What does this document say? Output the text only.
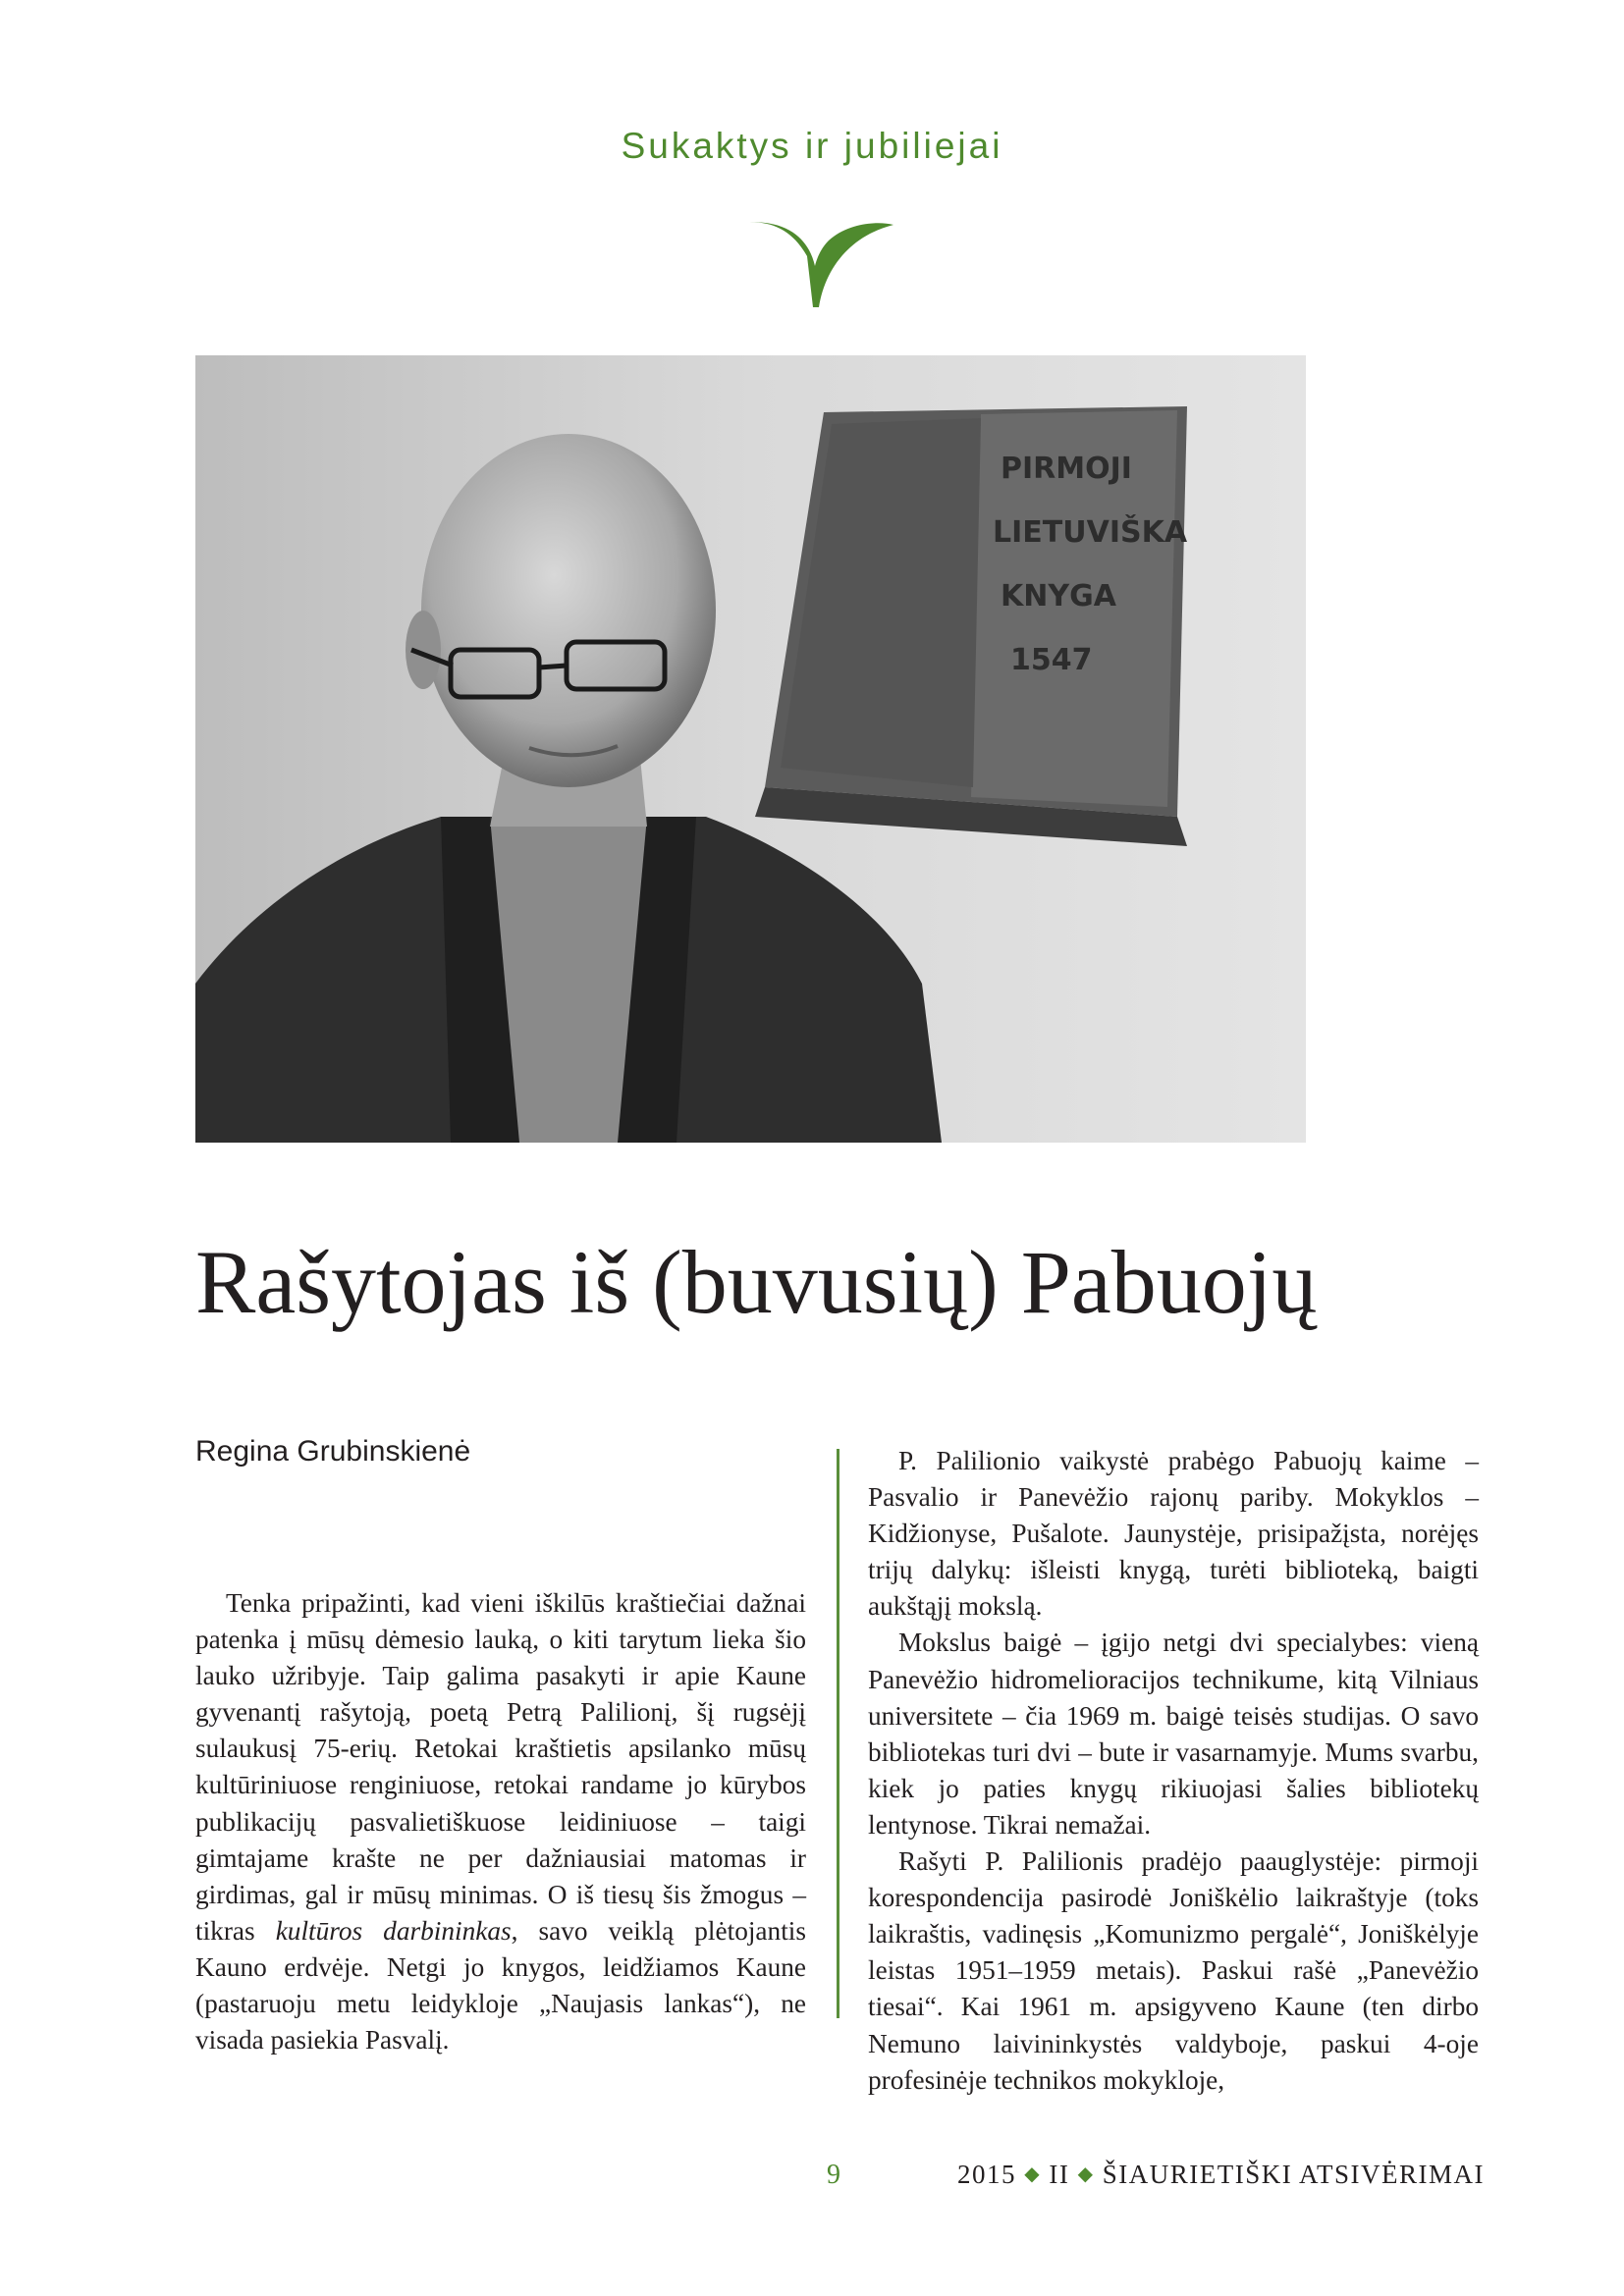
Sukaktys ir jubiliejai
PIRMOJI
LIETUVIŠKA
KNYGA
1547
Rašytojas iš (buvusių) Pabuojų
Regina Grubinskienė

Tenka pripažinti, kad vieni iškilūs kraštiečiai dažnai patenka į mūsų dėmesio lauką, o kiti tarytum lieka šio lauko užribyje. Taip galima pasakyti ir apie Kaune gyvenantį rašytoją, poetą Petrą Palilionį, šį rugsėjį sulaukusį 75-erių. Retokai kraštietis apsilanko mūsų kultūriniuose renginiuose, retokai randame jo kūrybos publikacijų pasvalietiškuose leidiniuose – taigi gimtajame krašte ne per dažniausiai matomas ir girdimas, gal ir mūsų minimas. O iš tiesų šis žmogus – tikras kultūros darbininkas, savo veiklą plėtojantis Kauno erdvėje. Netgi jo knygos, leidžiamos Kaune (pastaruoju metu leidykloje „Naujasis lankas“), ne visada pasiekia Pasvalį.

P. Palilionio vaikystė prabėgo Pabuojų kaime – Pasvalio ir Panevėžio rajonų pariby. Mokyklos – Kidžionyse, Pušalote. Jaunystėje, prisipažįsta, norėjęs trijų dalykų: išleisti knygą, turėti biblioteką, baigti aukštąjį mokslą.

Mokslus baigė – įgijo netgi dvi specialybes: vieną Panevėžio hidromelioracijos technikume, kitą Vilniaus universitete – čia 1969 m. baigė teisės studijas. O savo bibliotekas turi dvi – bute ir vasarnamyje. Mums svarbu, kiek jo paties knygų rikiuojasi šalies bibliotekų lentynose. Tikrai nemažai.

Rašyti P. Palilionis pradėjo paauglystėje: pirmoji korespondencija pasirodė Joniškėlio laikraštyje (toks laikraštis, vadinęsis „Komunizmo pergalė“, Joniškėlyje leistas 1951–1959 metais). Paskui rašė „Panevėžio tiesai“. Kai 1961 m. apsigyveno Kaune (ten dirbo Nemuno laivininkystės valdyboje, paskui 4-oje profesinėje technikos mokykloje,

9	2015 ◆ II ◆ ŠIAURIETIŠKI ATSIVĖRIMAI
